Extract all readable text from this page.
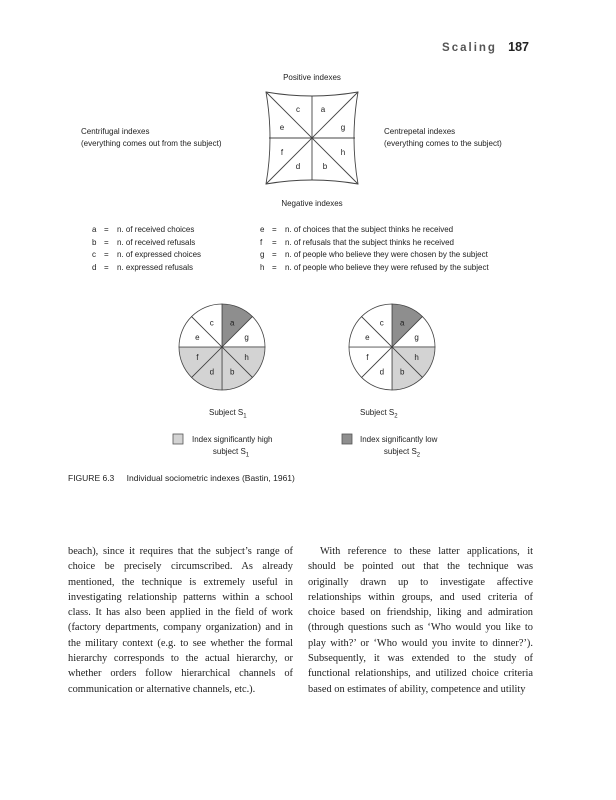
Scaling 187
Positive indexes
Negative indexes
Centrifugal indexes
(everything comes out from the subject)
Centrepetal indexes
(everything comes to the subject)
c	a
e	g
f	h
d	b
a
g
h
b
d
f
e
c	a
g
h
b
d
f
e
c
Subject $S_1$	Subject $S_2$
Index significantly high
subject $S_1$
Index significantly low
subject $S_2$
a = n. of received choices
b = n. of received refusals
c = n. of expressed choices
d = n. expressed refusals
e = n. of choices that the subject thinks he received
f = n. of refusals that the subject thinks he received
g = n. of people who believe they were chosen by the subject
h = n. of people who believe they were refused by the subject
FIGURE 6.3 Individual sociometric indexes (Bastin, 1961)

beach), since it requires that the subject’s range of choice be precisely circumscribed. As already mentioned, the technique is extremely useful in investigating relationship patterns within a school class. It has also been applied in the field of work (factory departments, company organization) and in the military context (e.g. to see whether the formal hierarchy corresponds to the actual hierarchy, or whether orders follow hierarchical channels of communication or alternative channels, etc.).

With reference to these latter applications, it should be pointed out that the technique was originally drawn up to investigate affective relationships within groups, and used criteria of choice based on friendship, liking and admiration (through questions such as ‘Who would you like to play with?’ or ‘Who would you invite to dinner?’). Subsequently, it was extended to the study of functional relationships, and utilized choice criteria based on estimates of ability, competence and utility
